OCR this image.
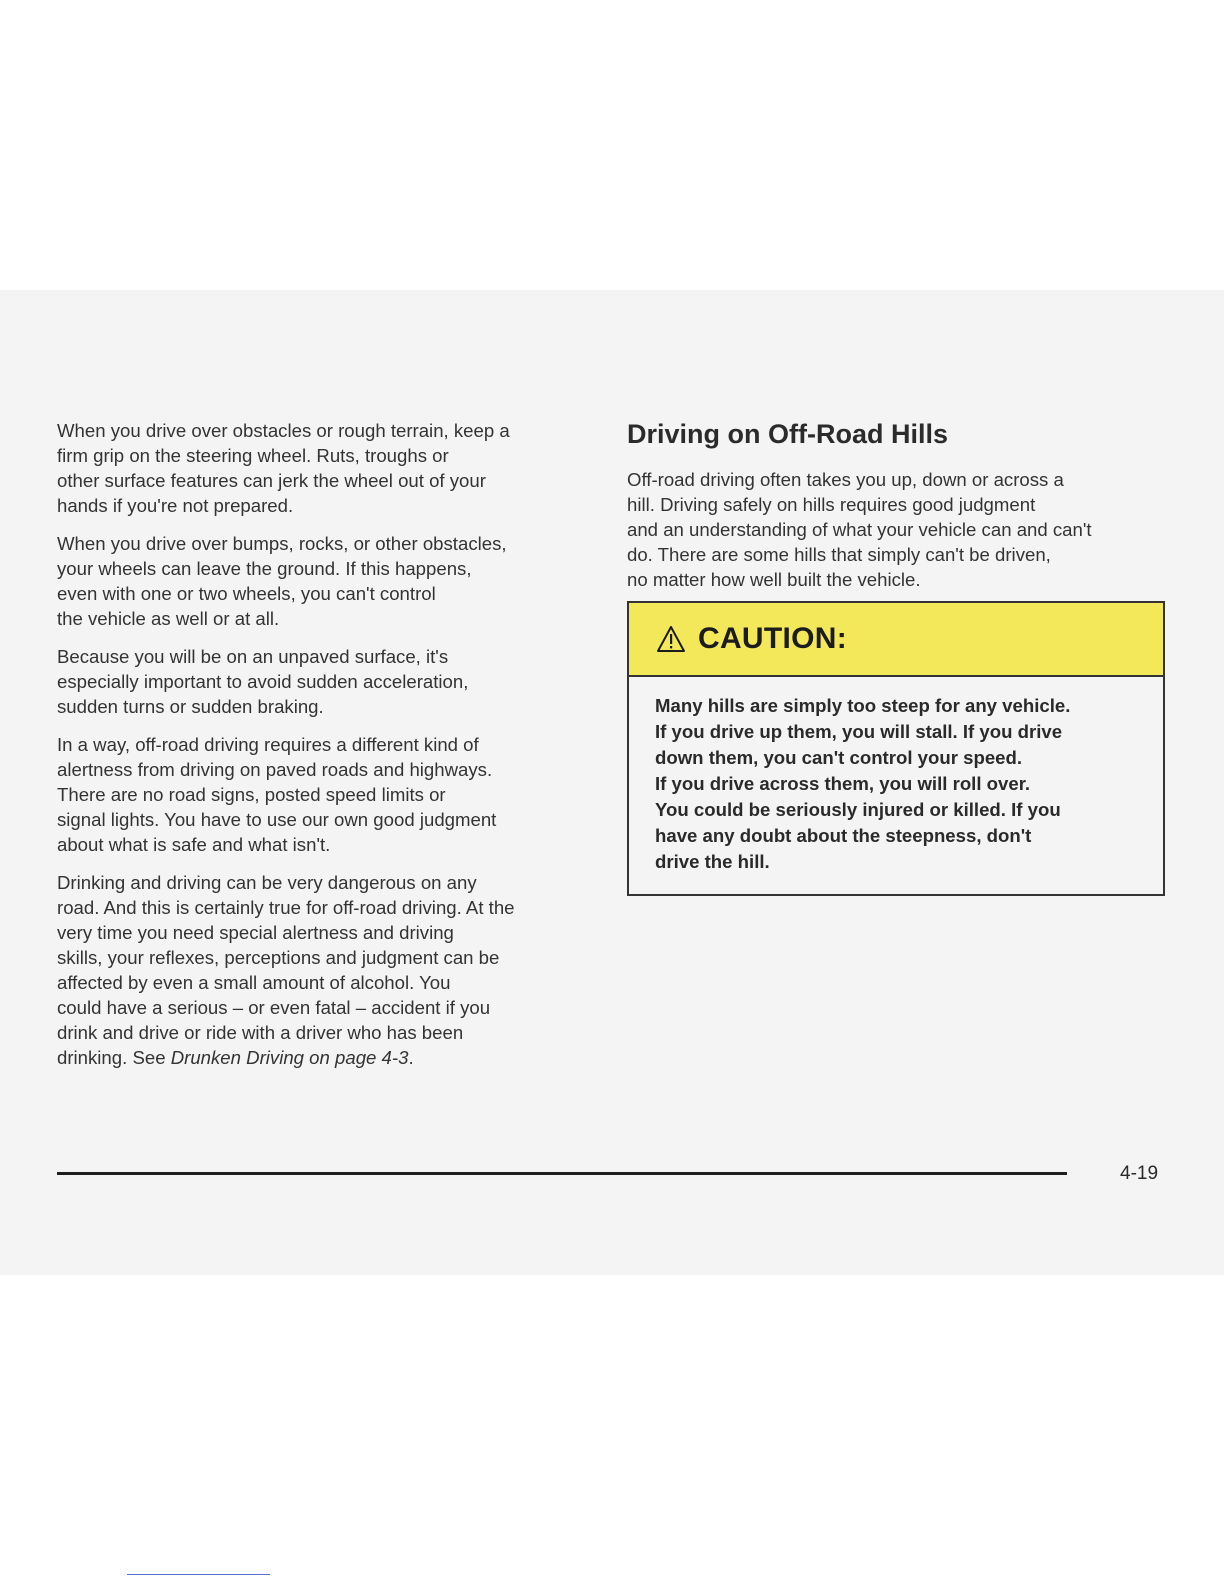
When you drive over obstacles or rough terrain, keep a
firm grip on the steering wheel. Ruts, troughs or
other surface features can jerk the wheel out of your
hands if you're not prepared.

When you drive over bumps, rocks, or other obstacles,
your wheels can leave the ground. If this happens,
even with one or two wheels, you can't control
the vehicle as well or at all.

Because you will be on an unpaved surface, it's
especially important to avoid sudden acceleration,
sudden turns or sudden braking.

In a way, off-road driving requires a different kind of
alertness from driving on paved roads and highways.
There are no road signs, posted speed limits or
signal lights. You have to use our own good judgment
about what is safe and what isn't.

Drinking and driving can be very dangerous on any
road. And this is certainly true for off-road driving. At the
very time you need special alertness and driving
skills, your reflexes, perceptions and judgment can be
affected by even a small amount of alcohol. You
could have a serious – or even fatal – accident if you
drink and drive or ride with a driver who has been
drinking. See Drunken Driving on page 4-3.

Driving on Off-Road Hills

Off-road driving often takes you up, down or across a
hill. Driving safely on hills requires good judgment
and an understanding of what your vehicle can and can't
do. There are some hills that simply can't be driven,
no matter how well built the vehicle.

CAUTION:
Many hills are simply too steep for any vehicle.
If you drive up them, you will stall. If you drive
down them, you can't control your speed.
If you drive across them, you will roll over.
You could be seriously injured or killed. If you
have any doubt about the steepness, don't
drive the hill.
4-19
